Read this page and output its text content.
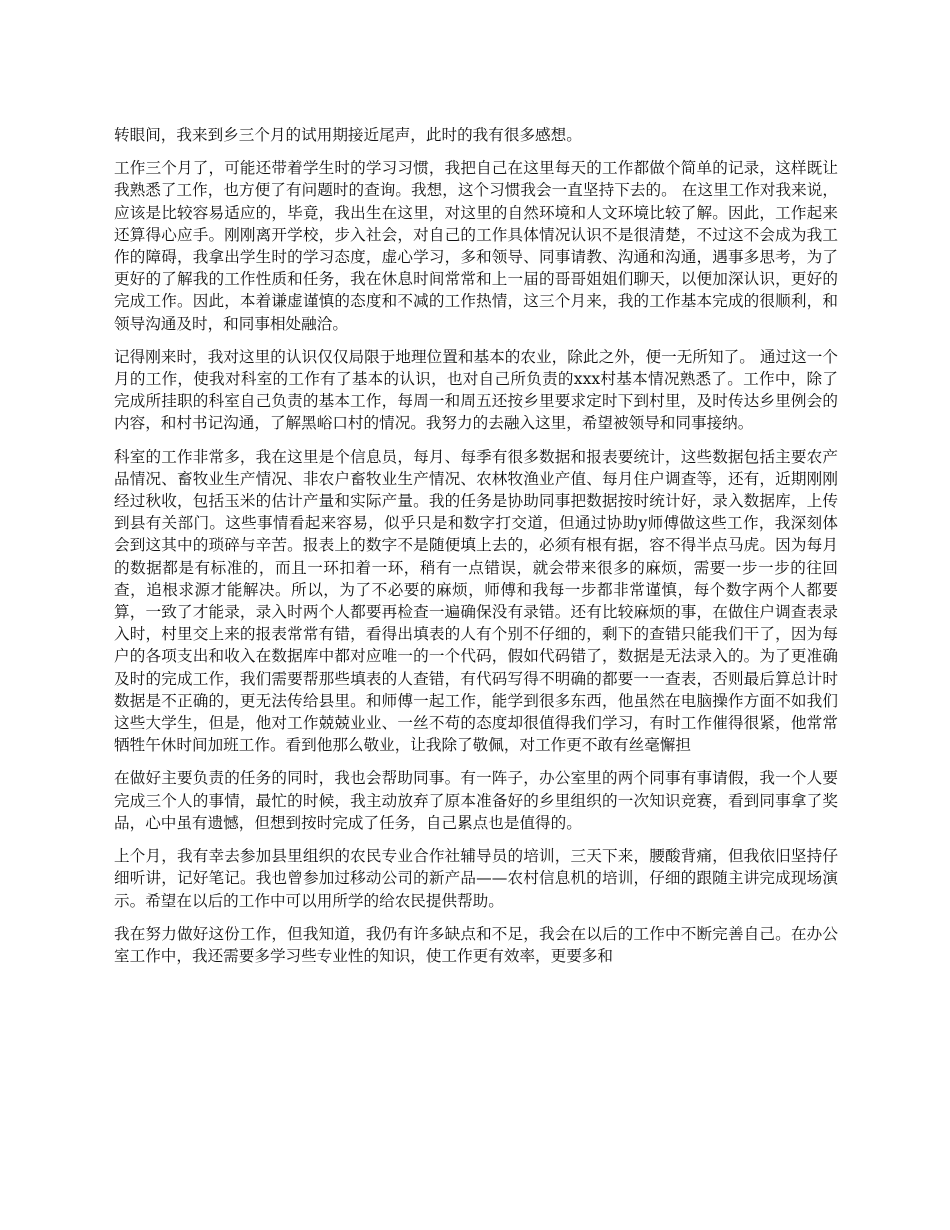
转眼间，我来到乡三个月的试用期接近尾声，此时的我有很多感想。

工作三个月了，可能还带着学生时的学习习惯，我把自己在这里每天的工作都做个简单的记录，这样既让我熟悉了工作，也方便了有问题时的查询。我想，这个习惯我会一直坚持下去的。 在这里工作对我来说，应该是比较容易适应的，毕竟，我出生在这里，对这里的自然环境和人文环境比较了解。因此，工作起来还算得心应手。刚刚离开学校，步入社会，对自己的工作具体情况认识不是很清楚，不过这不会成为我工作的障碍，我拿出学生时的学习态度，虚心学习，多和领导、同事请教、沟通和沟通，遇事多思考，为了更好的了解我的工作性质和任务，我在休息时间常常和上一届的哥哥姐姐们聊天，以便加深认识，更好的完成工作。因此，本着谦虚谨慎的态度和不减的工作热情，这三个月来，我的工作基本完成的很顺利，和领导沟通及时，和同事相处融洽。

记得刚来时，我对这里的认识仅仅局限于地理位置和基本的农业，除此之外，便一无所知了。 通过这一个月的工作，使我对科室的工作有了基本的认识，也对自己所负责的xxx村基本情况熟悉了。工作中，除了完成所挂职的科室自己负责的基本工作，每周一和周五还按乡里要求定时下到村里，及时传达乡里例会的内容，和村书记沟通，了解黑峪口村的情况。我努力的去融入这里，希望被领导和同事接纳。

科室的工作非常多，我在这里是个信息员，每月、每季有很多数据和报表要统计，这些数据包括主要农产品情况、畜牧业生产情况、非农户畜牧业生产情况、农林牧渔业产值、每月住户调查等，还有，近期刚刚经过秋收，包括玉米的估计产量和实际产量。我的任务是协助同事把数据按时统计好，录入数据库，上传到县有关部门。这些事情看起来容易，似乎只是和数字打交道，但通过协助y师傅做这些工作，我深刻体会到这其中的琐碎与辛苦。报表上的数字不是随便填上去的，必须有根有据，容不得半点马虎。因为每月的数据都是有标准的，而且一环扣着一环，稍有一点错误，就会带来很多的麻烦，需要一步一步的往回查，追根求源才能解决。所以，为了不必要的麻烦，师傅和我每一步都非常谨慎，每个数字两个人都要算，一致了才能录，录入时两个人都要再检查一遍确保没有录错。还有比较麻烦的事，在做住户调查表录入时，村里交上来的报表常常有错，看得出填表的人有个别不仔细的，剩下的查错只能我们干了，因为每户的各项支出和收入在数据库中都对应唯一的一个代码，假如代码错了，数据是无法录入的。为了更准确及时的完成工作，我们需要帮那些填表的人查错，有代码写得不明确的都要一一查表，否则最后算总计时数据是不正确的，更无法传给县里。和师傅一起工作，能学到很多东西，他虽然在电脑操作方面不如我们这些大学生，但是，他对工作兢兢业业、一丝不苟的态度却很值得我们学习，有时工作催得很紧，他常常牺牲午休时间加班工作。看到他那么敬业，让我除了敬佩，对工作更不敢有丝毫懈担

在做好主要负责的任务的同时，我也会帮助同事。有一阵子，办公室里的两个同事有事请假，我一个人要完成三个人的事情，最忙的时候，我主动放弃了原本准备好的乡里组织的一次知识竞赛，看到同事拿了奖品，心中虽有遗憾，但想到按时完成了任务，自己累点也是值得的。

上个月，我有幸去参加县里组织的农民专业合作社辅导员的培训，三天下来，腰酸背痛，但我依旧坚持仔细听讲，记好笔记。我也曾参加过移动公司的新产品——农村信息机的培训，仔细的跟随主讲完成现场演示。希望在以后的工作中可以用所学的给农民提供帮助。

我在努力做好这份工作，但我知道，我仍有许多缺点和不足，我会在以后的工作中不断完善自己。在办公室工作中，我还需要多学习些专业性的知识，使工作更有效率，更要多和
